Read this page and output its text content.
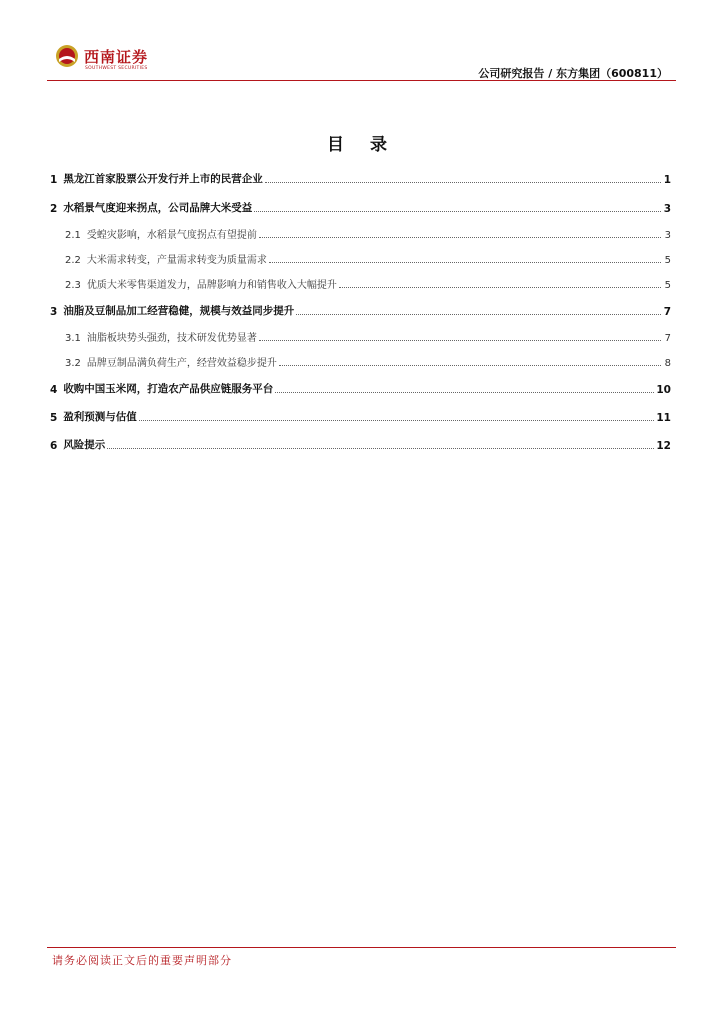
西南证券
SOUTHWEST SECURITIES	公司研究报告 / 东方集团（600811）
目 录
1 黑龙江首家股票公开发行并上市的民营企业	1
2 水稻景气度迎来拐点，公司品牌大米受益	3
2.1 受蝗灾影响，水稻景气度拐点有望提前	3
2.2 大米需求转变，产量需求转变为质量需求	5
2.3 优质大米零售渠道发力，品牌影响力和销售收入大幅提升	5
3 油脂及豆制品加工经营稳健，规模与效益同步提升	7
3.1 油脂板块势头强劲，技术研发优势显著	7
3.2 品牌豆制品满负荷生产，经营效益稳步提升	8
4 收购中国玉米网，打造农产品供应链服务平台	10
5 盈利预测与估值	11
6 风险提示	12
请务必阅读正文后的重要声明部分
